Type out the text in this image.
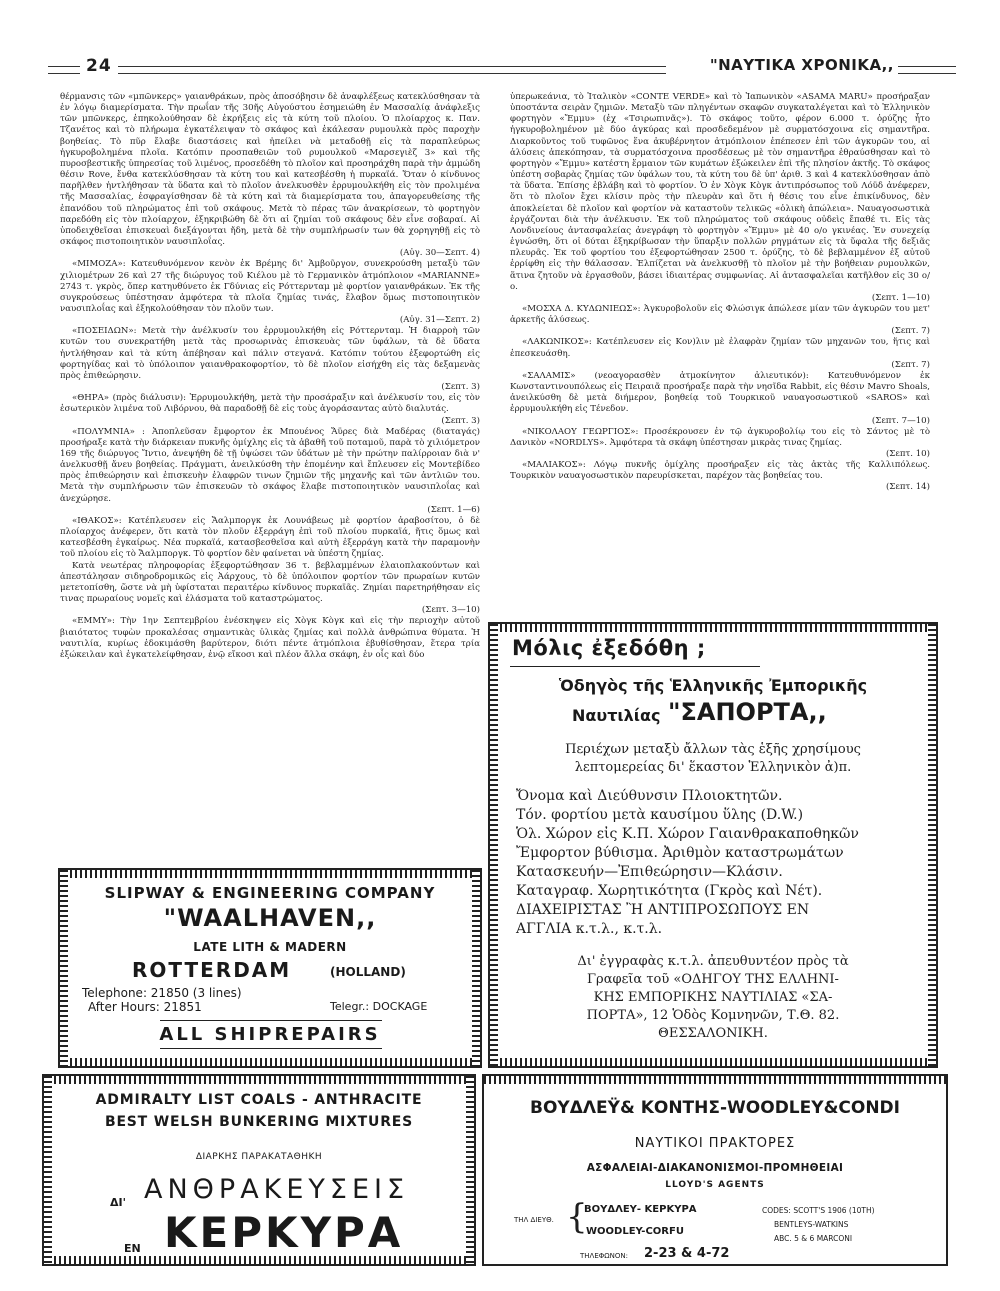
24	"ΝΑΥΤΙΚΑ ΧΡΟΝΙΚΑ,,

θέρμανσις τῶν «μπῶνκερς» γαιανθράκων, πρὸς ἀποσόβησιν δὲ ἀναφλέξεως κατεκλύσθησαν τὰ ἐν λόγῳ διαμερίσματα. Τὴν πρωΐαν τῆς 30ῆς Αὐγούστου ἐσημειώθη ἐν Μασσαλίᾳ ἀνάφλεξις τῶν μπῶνκερς, ἐπηκολούθησαν δὲ ἐκρήξεις εἰς τὰ κύτη τοῦ πλοίου. Ὁ πλοίαρχος κ. Παν. Τζανέτος καὶ τὸ πλήρωμα ἐγκατέλειψαν τὸ σκάφος καὶ ἐκάλεσαν ρυμουλκὰ πρὸς παροχὴν βοηθείας. Τὸ πῦρ ἔλαβε διαστάσεις καὶ ἠπείλει νὰ μεταδοθῇ εἰς τὰ παραπλεύρως ἠγκυροβολημένα πλοῖα. Κατόπιν προσπαθειῶν τοῦ ρυμουλκοῦ «Μαρσεγιὲζ 3» καὶ τῆς πυροσβεστικῆς ὑπηρεσίας τοῦ λιμένος, προσεδέθη τὸ πλοῖον καὶ προσηράχθη παρὰ τὴν ἀμμώδη θέσιν Rove, ἔνθα κατεκλύσθησαν τὰ κύτη του καὶ κατεσβέσθη ἡ πυρκαϊά. Ὅταν ὁ κίνδυνος παρῆλθεν ἠντλήθησαν τὰ ὕδατα καὶ τὸ πλοῖον ἀνελκυσθὲν ἐρρυμουλκήθη εἰς τὸν προλιμένα τῆς Μασσαλίας, ἐσφραγίσθησαν δὲ τὰ κύτη καὶ τὰ διαμερίσματα του, ἀπαγορευθείσης τῆς ἐπανόδου τοῦ πληρώματος ἐπὶ τοῦ σκάφους. Μετὰ τὸ πέρας τῶν ἀνακρίσεων, τὸ φορτηγὸν παρεδόθη εἰς τὸν πλοίαρχον, ἐξηκριβώθη δὲ ὅτι αἱ ζημίαι τοῦ σκάφους δὲν εἶνε σοβαραί. Αἱ ὑποδειχθεῖσαι ἐπισκευαὶ διεξάγονται ἤδη, μετὰ δὲ τὴν συμπλήρωσίν των θὰ χορηγηθῇ εἰς τὸ σκάφος πιστοποιητικὸν ναυσιπλοΐας.
(Αὐγ. 30—Σεπτ. 4)

«ΜΙΜΟΖΑ»: Κατευθυνόμενον κενὸν ἐκ Βρέμης δι' Ἀμβοῦργον, συνεκρούσθη μεταξὺ τῶν χιλιομέτρων 26 καὶ 27 τῆς διώρυγος τοῦ Κιέλου μὲ τὸ Γερμανικὸν ἀτμόπλοιον «MARIANNE» 2743 τ. γκρὸς, ὅπερ κατηυθύνετο ἐκ Γδύνιας εἰς Ρόττερνταμ μὲ φορτίον γαιανθράκων. Ἐκ τῆς συγκρούσεως ὑπέστησαν ἀμφότερα τὰ πλοῖα ζημίας τινάς, ἔλαβον ὅμως πιστοποιητικὸν ναυσιπλοΐας καὶ ἐξηκολούθησαν τὸν πλοῦν των.
(Αὐγ. 31—Σεπτ. 2)

«ΠΟΣΕΙΔΩΝ»: Μετὰ τὴν ἀνέλκυσίν του ἐρρυμουλκήθη εἰς Ρόττερνταμ. Ἡ διαρροὴ τῶν κυτῶν του συνεκρατήθη μετὰ τὰς προσωρινὰς ἐπισκευὰς τῶν ὑφάλων, τὰ δὲ ὕδατα ἠντλήθησαν καὶ τὰ κύτη ἀπέβησαν καὶ πάλιν στεγανά. Κατόπιν τούτου ἐξεφορτώθη εἰς φορτηγίδας καὶ τὸ ὑπόλοιπον γαιανθρακοφορτίον, τὸ δὲ πλοῖον εἰσήχθη εἰς τὰς δεξαμενὰς πρὸς ἐπιθεώρησιν.
(Σεπτ. 3)

«ΘΗΡΑ» (πρὸς διάλυσιν): Ἐρρυμουλκήθη, μετὰ τὴν προσάραξιν καὶ ἀνέλκυσίν του, εἰς τὸν ἐσωτερικὸν λιμένα τοῦ Λιβόρνου, θὰ παραδοθῇ δὲ εἰς τοὺς ἀγοράσαντας αὐτὸ διαλυτάς.
(Σεπτ. 3)

«ΠΟΛΥΜΝΙΑ» : Ἀποπλεῦσαν ἔμφορτον ἐκ Μπουένος Ἄϋρες διὰ Μαδέρας (διαταγάς) προσήραξε κατὰ τὴν διάρκειαν πυκνῆς ὁμίχλης εἰς τὰ ἀβαθῆ τοῦ ποταμοῦ, παρὰ τὸ χιλιόμετρον 169 τῆς διώρυγος Ἴντιο, ἀνεψήθη δὲ τῇ ὑψώσει τῶν ὑδάτων μὲ τὴν πρώτην παλίρροιαν διὰ ν' ἀνελκυσθῇ ἄνευ βοηθείας. Πράγματι, ἀνειλκύσθη τὴν ἑπομένην καὶ ἔπλευσεν εἰς Μοντεβίδεο πρὸς ἐπιθεώρησιν καὶ ἐπισκευὴν ἐλαφρῶν τινων ζημιῶν τῆς μηχανῆς καὶ τῶν ἀντλιῶν του. Μετὰ τὴν συμπλήρωσιν τῶν ἐπισκευῶν τὸ σκάφος ἔλαβε πιστοποιητικὸν ναυσιπλοΐας καὶ ἀνεχώρησε.
(Σεπτ. 1—6)

«ΙΘΑΚΟΣ»: Κατέπλευσεν εἰς Ἄαλμποργκ ἐκ Λουνάβεως μὲ φορτίον ἀραβοσίτου, ὁ δὲ πλοίαρχος ἀνέφερεν, ὅτι κατὰ τὸν πλοῦν ἐξερράγη ἐπὶ τοῦ πλοίου πυρκαϊά, ἥτις ὅμως καὶ κατεσβέσθη ἐγκαίρως. Νέα πυρκαϊά, κατασβεσθεῖσα καὶ αὐτὴ ἐξερράγη κατὰ τὴν παραμονὴν τοῦ πλοίου εἰς τὸ Ἄαλμποργκ. Τὸ φορτίον δὲν φαίνεται νὰ ὑπέστη ζημίας.

Κατὰ νεωτέρας πληροφορίας ἐξεφορτώθησαν 36 τ. βεβλαμμένων ἐλαιοπλακούντων καὶ ἀπεστάλησαν σιδηροδρομικῶς εἰς Ἀάρχους, τὸ δὲ ὑπόλοιπον φορτίον τῶν πρωραίων κυτῶν μετετοπίσθη, ὥστε νὰ μὴ ὑφίσταται περαιτέρω κίνδυνος πυρκαϊᾶς. Ζημίαι παρετηρήθησαν εἰς τινας πρωραίους νομεῖς καὶ ἐλάσματα τοῦ καταστρώματος.
(Σεπτ. 3—10)

«ΕΜΜΥ»: Τὴν 1ην Σεπτεμβρίου ἐνέσκηψεν εἰς Χὸγκ Κὸγκ καὶ εἰς τὴν περιοχὴν αὐτοῦ βιαιότατος τυφὼν προκαλέσας σημαντικὰς ὑλικὰς ζημίας καὶ πολλὰ ἀνθρώπινα θύματα. Ἡ ναυτιλία, κυρίως ἐδοκιμάσθη βαρύτερον, διότι πέντε ἀτμόπλοια ἐβυθίσθησαν, ἕτερα τρία ἐξώκειλαν καὶ ἐγκατελείφθησαν, ἐνῷ εἴκοσι καὶ πλέον ἄλλα σκάφη, ἐν οἷς καὶ δύο

ὑπερωκεάνια, τὸ Ἰταλικὸν «CONTE VERDE» καὶ τὸ Ἰαπωνικὸν «ASAMA MARU» προσήραξαν ὑποστάντα σειρὰν ζημιῶν. Μεταξὺ τῶν πληγέντων σκαφῶν συγκαταλέγεται καὶ τὸ Ἑλληνικὸν φορτηγὸν «Ἔμμυ» (ἐχ «Τσιρωπινᾶς»). Τὸ σκάφος τοῦτο, φέρον 6.000 τ. ὀρύζης ἦτο ἠγκυροβολημένον μὲ δύο ἀγκύρας καὶ προσδεδεμένον μὲ συρματόσχοινα εἰς σημαντῆρα. Διαρκοῦντος τοῦ τυφῶνος ἕνα ἀκυβέρνητον ἀτμόπλοιον ἐπέπεσεν ἐπὶ τῶν ἀγκυρῶν του, αἱ ἁλύσεις ἀπεκόπησαν, τὰ συρματόσχοινα προσδέσεως μὲ τὸν σημαντῆρα ἐθραύσθησαν καὶ τὸ φορτηγὸν «Ἔμμυ» κατέστη ἕρμαιον τῶν κυμάτων ἐξώκειλεν ἐπὶ τῆς πλησίον ἀκτῆς. Τὸ σκάφος ὑπέστη σοβαρὰς ζημίας τῶν ὑφάλων του, τὰ κύτη του δὲ ὑπ' ἀριθ. 3 καὶ 4 κατεκλύσθησαν ἀπὸ τὰ ὕδατα. Ἐπίσης ἐβλάβη καὶ τὸ φορτίον. Ὁ ἐν Χὸγκ Κὸγκ ἀντιπρόσωπος τοῦ Λόϋδ ἀνέφερεν, ὅτι τὸ πλοῖον ἔχει κλίσιν πρὸς τὴν πλευρὰν καὶ ὅτι ἡ θέσις του εἶνε ἐπικίνδυνος, δὲν ἀποκλείεται δὲ πλοῖον καὶ φορτίον νὰ καταστοῦν τελικῶς «ὁλικὴ ἀπώλεια». Ναυαγοσωστικὰ ἐργάζονται διὰ τὴν ἀνέλκυσιν. Ἐκ τοῦ πληρώματος τοῦ σκάφους οὐδεὶς ἔπαθέ τι. Εἰς τὰς Λονδινείους ἀντασφαλείας ἀνεγράφη τὸ φορτηγὸν «Ἔμμυ» μὲ 40 ο/ο γκινέας. Ἐν συνεχείᾳ ἐγνώσθη, ὅτι οἱ δύται ἐξηκρίβωσαν τὴν ὕπαρξιν πολλῶν ρηγμάτων εἰς τὰ ὕφαλα τῆς δεξιᾶς πλευρᾶς. Ἐκ τοῦ φορτίου του ἐξεφορτώθησαν 2500 τ. ὀρύζης, τὸ δὲ βεβλαμμένον ἐξ αὐτοῦ ἐρρίφθη εἰς τὴν θάλασσαν. Ἐλπίζεται νὰ ἀνελκυσθῇ τὸ πλοῖον μὲ τὴν βοήθειαν ρυμουλκῶν, ἅτινα ζητοῦν νὰ ἐργασθοῦν, βάσει ἰδιαιτέρας συμφωνίας. Αἱ ἀντασφαλεῖαι κατῆλθον εἰς 30 ο/ο.
(Σεπτ. 1—10)

«ΜΟΣΧΑ Δ. ΚΥΔΩΝΙΕΩΣ»: Ἀγκυροβολοῦν εἰς Φλώσιγκ ἀπώλεσε μίαν τῶν ἀγκυρῶν του μετ' ἀρκετῆς ἁλύσεως.
(Σεπτ. 7)

«ΛΑΚΩΝΙΚΟΣ»: Κατέπλευσεν εἰς Κον)λιν μὲ ἐλαφρὰν ζημίαν τῶν μηχανῶν του, ἥτις καὶ ἐπεσκευάσθη.
(Σεπτ. 7)

«ΣΑΛΑΜΙΣ» (νεοαγορασθὲν ἀτμοκίνητον ἁλιευτικόν): Κατευθυνόμενον ἐκ Κωνσταντινουπόλεως εἰς Πειραιᾶ προσήραξε παρὰ τὴν νησῖδα Rabbit, εἰς θέσιν Mavro Shoals, ἀνειλκύσθη δὲ μετὰ διήμερον, βοηθείᾳ τοῦ Τουρκικοῦ ναυαγοσωστικοῦ «SAROS» καὶ ἐρρυμουλκήθη εἰς Τένεδον.
(Σεπτ. 7—10)

«ΝΙΚΟΛΑΟΥ ΓΕΩΡΓΙΟΣ»: Προσέκρουσεν ἐν τῷ ἀγκυροβολίῳ του εἰς τὸ Σάντος μὲ τὸ Δανικὸν «NORDLYS». Ἀμφότερα τὰ σκάφη ὑπέστησαν μικρὰς τινας ζημίας.
(Σεπτ. 10)

«ΜΑΛΙΑΚΟΣ»: Λόγῳ πυκνῆς ὁμίχλης προσήραξεν εἰς τὰς ἀκτὰς τῆς Καλλιπόλεως. Τουρκικὸν ναυαγοσωστικὸν παρευρίσκεται, παρέχον τὰς βοηθείας του.
(Σεπτ. 14)

SLIPWAY & ENGINEERING COMPANY
"WAALHAVEN,,
LATE LITH & MADERN
ROTTERDAM	(HOLLAND)
Telephone: 21850 (3 lines)
After Hours: 21851	Telegr.: DOCKAGE
ALL SHIPREPAIRS
Μόλις ἐξεδόθη ;
Ὁδηγὸς τῆς Ἑλληνικῆς Ἐμπορικῆς
Ναυτιλίας "ΣΑΠΟΡΤΑ,,
Περιέχων μεταξὺ ἄλλων τὰς ἑξῆς χρησίμους
λεπτομερείας δι' ἕκαστον Ἑλληνικὸν ἀ)π.
Ὄνομα καὶ Διεύθυνσιν Πλοιοκτητῶν.
Τόν. φορτίου μετὰ καυσίμου ὕλης (D.W.)
Ὁλ. Χώρον εἰς Κ.Π. Χώρον Γαιανθρακαποθηκῶν
Ἔμφορτον βύθισμα. Ἀριθμὸν καταστρωμάτων
Κατασκευήν—Ἐπιθεώρησιν—Κλάσιν.
Καταγραφ. Χωρητικότητα (Γκρὸς καὶ Νέτ).
ΔΙΑΧΕΙΡΙΣΤΑΣ Ἢ ΑΝΤΙΠΡΟΣΩΠΟΥΣ ΕΝ
ΑΓΓΛΙΑ κ.τ.λ., κ.τ.λ.
Δι' ἐγγραφὰς κ.τ.λ. ἀπευθυντέον πρὸς τὰ
Γραφεῖα τοῦ «ΟΔΗΓΟΥ ΤΗΣ ΕΛΛΗΝΙ-
ΚΗΣ ΕΜΠΟΡΙΚΗΣ ΝΑΥΤΙΛΙΑΣ «ΣΑ-
ΠΟΡΤΑ», 12 Ὁδὸς Κομνηνῶν, Τ.Θ. 82.
ΘΕΣΣΑΛΟΝΙΚΗ.
ADMIRALTY LIST COALS - ANTHRACITE
BEST WELSH BUNKERING MIXTURES
ΔΙΑΡΚΗΣ ΠΑΡΑΚΑΤΑΘΗΚΗ
ΔΙ' ΑΝΘΡΑΚΕΥΣΕΙΣ
ΕΝ ΚΕΡΚΥΡΑ
ΒΟΥΔΛΕΫ& ΚΟΝΤΗΣ-WOODLEY&CONDI
ΝΑΥΤΙΚΟΙ ΠΡΑΚΤΟΡΕΣ
ΑΣΦΑΛΕΙΑΙ-ΔΙΑΚΑΝΟΝΙΣΜΟΙ-ΠΡΟΜΗΘΕΙΑΙ
LLOYD'S AGENTS
ΤΗΛ ΔΙΕΥΘ. {
ΒΟΥΔΛΕΥ- ΚΕΡΚΥΡΑ
WOODLEY-CORFU
CODES: SCOTT'S 1906 (10TH)
BENTLEYS-WATKINS
ABC. 5 & 6 MARCONI
ΤΗΛΕΦΩΝΟΝ: 2-23 & 4-72
